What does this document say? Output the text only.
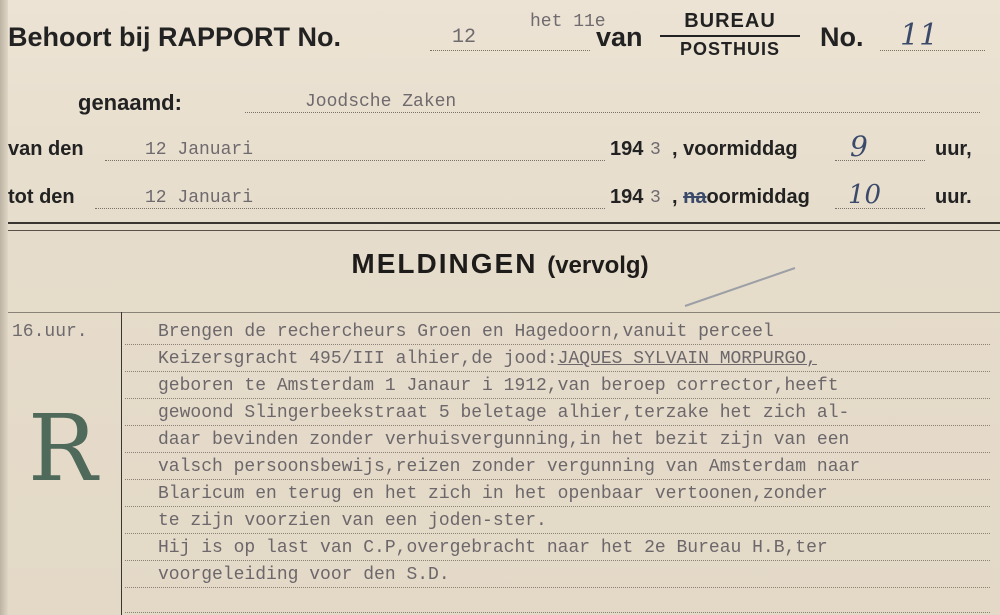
Behoort bij RAPPORT No.	12
het 11e
van
BUREAU
POSTHUIS	No. 11
genaamd:	Joodsche Zaken
van den	12 Januari	194 3 , voormiddag 9	uur,
tot den	12 Januari	194 3 , naoormiddag 10	uur.
MELDINGEN (vervolg)
16.uur.
R
Brengen de rechercheurs Groen en Hagedoorn,vanuit perceel
Keizersgracht 495/III alhier,de jood:JAQUES SYLVAIN MORPURGO,
geboren te Amsterdam 1 Janaur i 1912,van beroep corrector,heeft
gewoond Slingerbeekstraat 5 beletage alhier,terzake het zich al-
daar bevinden zonder verhuisvergunning,in het bezit zijn van een
valsch persoonsbewijs,reizen zonder vergunning van Amsterdam naar
Blaricum en terug en het zich in het openbaar vertoonen,zonder
te zijn voorzien van een joden-ster.
Hij is op last van C.P,overgebracht naar het 2e Bureau H.B,ter
voorgeleiding voor den S.D.
